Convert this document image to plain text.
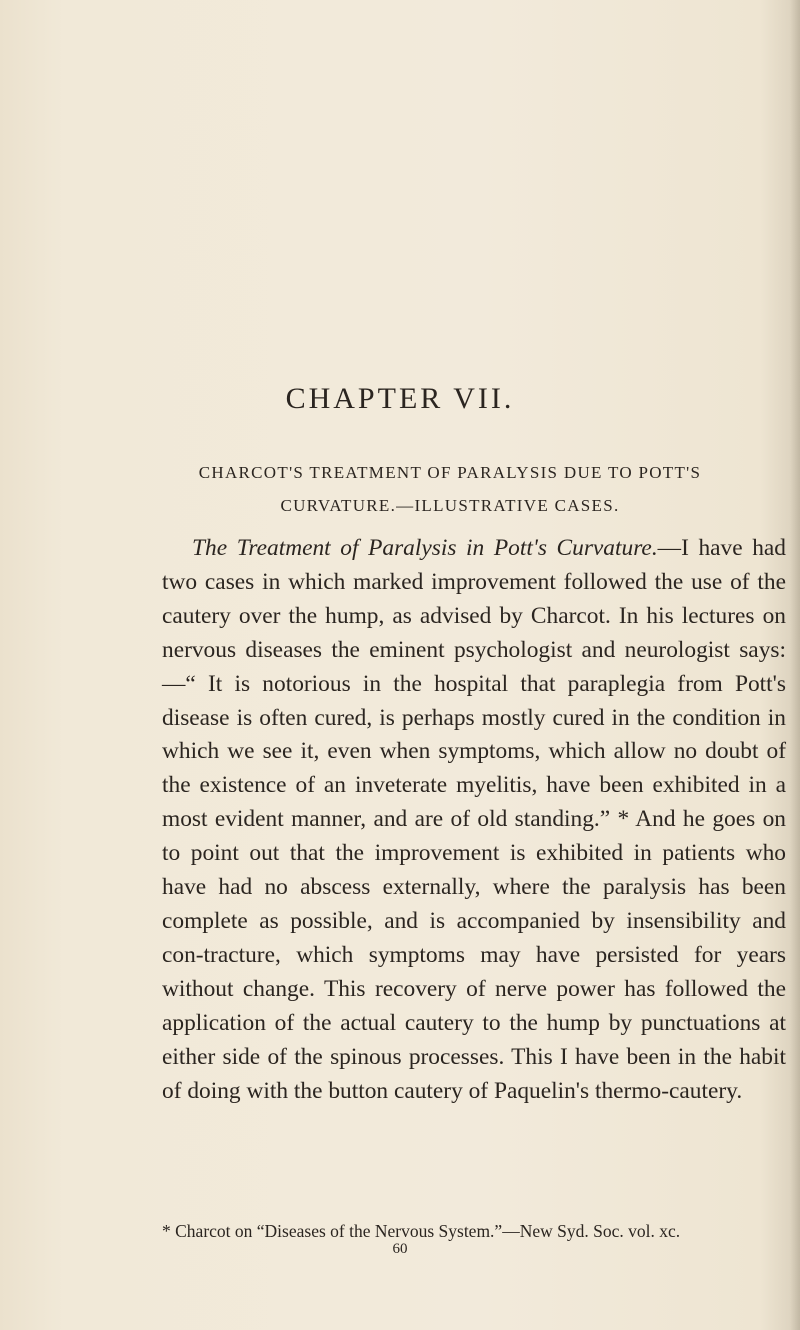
CHAPTER VII.

CHARCOT'S TREATMENT OF PARALYSIS DUE TO POTT'S CURVATURE.—ILLUSTRATIVE CASES.

The Treatment of Paralysis in Pott's Curvature.—I have had two cases in which marked improvement followed the use of the cautery over the hump, as advised by Charcot. In his lectures on nervous diseases the eminent psychologist and neurologist says:—“ It is notorious in the hospital that paraplegia from Pott's disease is often cured, is perhaps mostly cured in the condition in which we see it, even when symptoms, which allow no doubt of the existence of an inveterate myelitis, have been exhibited in a most evident manner, and are of old standing.” * And he goes on to point out that the improvement is exhibited in patients who have had no abscess externally, where the paralysis has been complete as possible, and is accompanied by insensibility and con-tracture, which symptoms may have persisted for years without change. This recovery of nerve power has followed the application of the actual cautery to the hump by punctuations at either side of the spinous processes. This I have been in the habit of doing with the button cautery of Paquelin's thermo-cautery.

* Charcot on “Diseases of the Nervous System.”—New Syd. Soc. vol. xc.

60
